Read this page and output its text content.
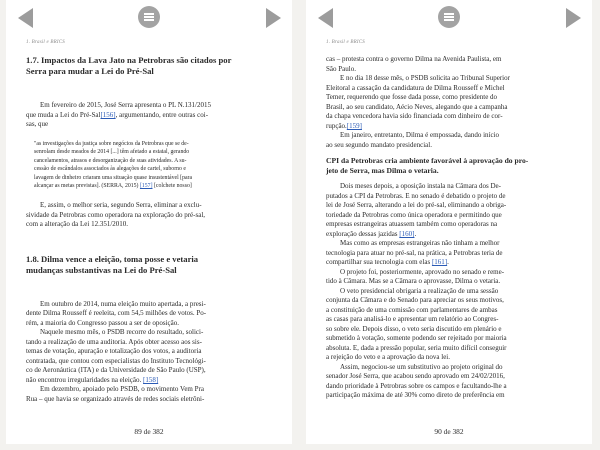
1. Brasil e BRICS
1.7. Impactos da Lava Jato na Petrobras são citados por
Serra para mudar a Lei do Pré-Sal
Em fevereiro de 2015, José Serra apresenta o PL N.131/2015
que muda a Lei do Pré-Sal[156], argumentando, entre outras coi-
sas, que
"as investigações da justiça sobre negócios da Petrobras que se de-
senrolam desde meados de 2014 [...] têm afetado a estatal, gerando
cancelamentos, atrasos e desorganização de suas atividades. A su-
cessão de escândalos associados às alegações de cartel, suborno e
lavagem de dinheiro criaram uma situação quase insustentável [para
alcançar as metas previstas]. (SERRA, 2015) [157] [colchete nosso]
E, assim, o melhor seria, segundo Serra, eliminar a exclu-
sividade da Petrobras como operadora na exploração do pré-sal,
com a alteração da Lei 12.351/2010.
1.8. Dilma vence a eleição, toma posse e vetaria
mudanças substantivas na Lei do Pré-Sal
Em outubro de 2014, numa eleição muito apertada, a presi-
dente Dilma Rousseff é reeleita, com 54,5 milhões de votos. Po-
rém, a maioria do Congresso passou a ser de oposição.
Naquele mesmo mês, o PSDB recorre do resultado, solici-
tando a realização de uma auditoria. Após obter acesso aos sis-
temas de votação, apuração e totalização dos votos, a auditoria
contratada, que contou com especialistas do Instituto Tecnológi-
co de Aeronáutica (ITA) e da Universidade de São Paulo (USP),
não encontrou irregularidades na eleição. [158]
Em dezembro, apoiado pelo PSDB, o movimento Vem Pra
Rua – que havia se organizado através de redes sociais eletrôni-
89 de 382
1. Brasil e BRICS
cas – protesta contra o governo Dilma na Avenida Paulista, em
São Paulo.
E no dia 18 desse mês, o PSDB solicita ao Tribunal Superior
Eleitoral a cassação da candidatura de Dilma Rousseff e Michel
Temer, requerendo que fosse dada posse, como presidente do
Brasil, ao seu candidato, Aécio Neves, alegando que a campanha
da chapa vencedora havia sido financiada com dinheiro de cor-
rupção.[159]
Em janeiro, entretanto, Dilma é empossada, dando início
ao seu segundo mandato presidencial.
CPI da Petrobras cria ambiente favorável à aprovação do pro-
jeto de Serra, mas Dilma o vetaria.
Dois meses depois, a oposição instala na Câmara dos De-
putados a CPI da Petrobras. E no senado é debatido o projeto de
lei de José Serra, alterando a lei do pré-sal, eliminando a obriga-
toriedade da Petrobras como única operadora e permitindo que
empresas estrangeiras atuassem também como operadoras na
exploração dessas jazidas [160].
Mas como as empresas estrangeiras não tinham a melhor
tecnologia para atuar no pré-sal, na prática, a Petrobras teria de
compartilhar sua tecnologia com elas [161].
O projeto foi, posteriormente, aprovado no senado e reme-
tido à Câmara. Mas se a Câmara o aprovasse, Dilma o vetaria.
O veto presidencial obrigaria a realização de uma sessão
conjunta da Câmara e do Senado para apreciar os seus motivos,
a constituição de uma comissão com parlamentares de ambas
as casas para analisá-lo e apresentar um relatório ao Congres-
so sobre ele. Depois disso, o veto seria discutido em plenário e
submetido à votação, somente podendo ser rejeitado por maioria
absoluta. E, dada a pressão popular, seria muito difícil conseguir
a rejeição do veto e a aprovação da nova lei.
Assim, negociou-se um substitutivo ao projeto original do
senador José Serra, que acabou sendo aprovado em 24/02/2016,
dando prioridade à Petrobras sobre os campos e facultando-lhe a
participação máxima de até 30% como direto de preferência em
90 de 382
